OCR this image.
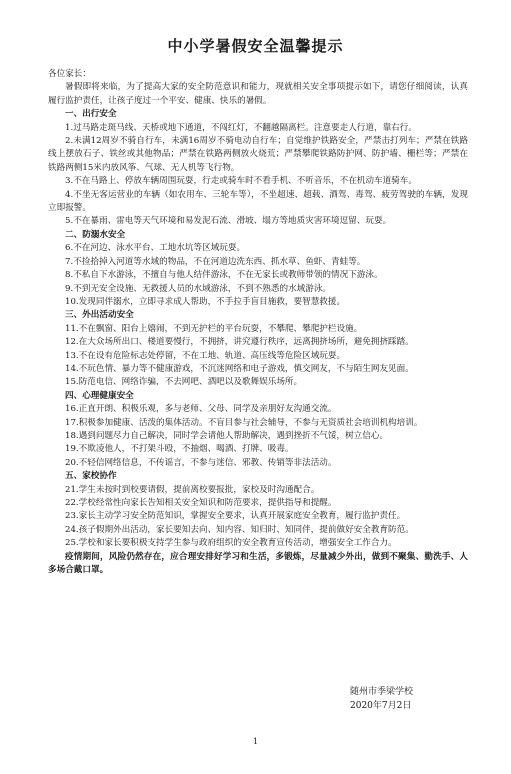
中小学暑假安全温馨提示

各位家长：

暑假即将来临，为了提高大家的安全防范意识和能力，现就相关安全事项提示如下，请您仔细阅读，认真履行监护责任，让孩子度过一个平安、健康、快乐的暑假。

一、出行安全

1.过马路走斑马线、天桥或地下通道，不闯红灯，不翻越隔离栏。注意要走人行道，靠右行。

2.未满12周岁不骑自行车，未满16周岁不骑电动自行车；自觉维护铁路安全，严禁击打列车；严禁在铁路线上摆放石子、铁丝或其他物品；严禁在铁路两侧放火烧荒；严禁攀爬铁路防护网、防护墙、栅栏等；严禁在铁路两侧15米内放风筝、气球、无人机等飞行物。

3.不在马路上、停放车辆周围玩耍，行走或骑车时不看手机、不听音乐，不在机动车道骑车。

4.不坐无客运营业的车辆（如农用车、三轮车等），不坐超速、超载、酒驾、毒驾、疲劳驾驶的车辆，发现立即报警。

5.不在暴雨、雷电等天气环境和易发泥石流、滑坡、塌方等地质灾害环境逗留、玩耍。

二、防溺水安全

6.不在河边、泳水平台、工地水坑等区域玩耍。

7.不捡拾掉入河道等水域的物品，不在河道边洗东西、抓水草、鱼虾、青蛙等。

8.不私自下水游泳，不擅自与他人结伴游泳，不在无家长或教师带领的情况下游泳。

9.不到无安全设施、无救援人员的水域游泳，不到不熟悉的水域游泳。

10.发现同伴溺水，立即寻求成人帮助，不手拉手盲目施救，要智慧救援。

三、外出活动安全

11.不在飘窗、阳台上嬉闹，不到无护栏的平台玩耍，不攀爬、攀爬护栏设施。

12.在大众场所出口、楼道要慢行，不拥挤，讲究遵行秩序，远离拥挤场所，避免拥挤踩踏。

13.不在设有危险标志处停留，不在工地、轨道、高压线等危险区域玩耍。

14.不玩色情、暴力等不健康游戏，不沉迷网络和电子游戏，慎交网友，不与陌生网友见面。

15.防范电信、网络诈骗，不去网吧、酒吧以及歌舞娱乐场所。

四、心理健康安全

16.正直开朗、积极乐观，多与老师、父母、同学及亲朋好友沟通交流。

17.积极参加健康、活泼的集体活动。不盲目参与社会辅导，不参与无资质社会培训机构培训。

18.遇到问题尽力自己解决，同时学会请他人帮助解决，遇到挫折不气馁，树立信心。

19.不欺凌他人，不打架斗殴，不抽烟、喝酒、打牌、吸毒。

20.不轻信网络信息，不传谣言，不参与迷信、邪教、传销等非法活动。

五、家校协作

21.学生未按时到校要请假，提前离校要报批，家校及时沟通配合。

22.学校经常性向家长告知相关安全知识和防范要求，提供指导和提醒。

23.家长主动学习安全防范知识，掌握安全要求，认真开展家庭安全教育，履行监护责任。

24.孩子假期外出活动，家长要知去向、知内容、知归时、知同伴，提前做好安全教育防范。

25.学校和家长要积极支持学生参与政府组织的安全教育宣传活动，增强安全工作合力。

疫情期间，风险仍然存在，应合理安排好学习和生活，多锻炼，尽量减少外出，做到不聚集、勤洗手、人多场合戴口罩。

随州市季梁学校
2020年7月2日
1
